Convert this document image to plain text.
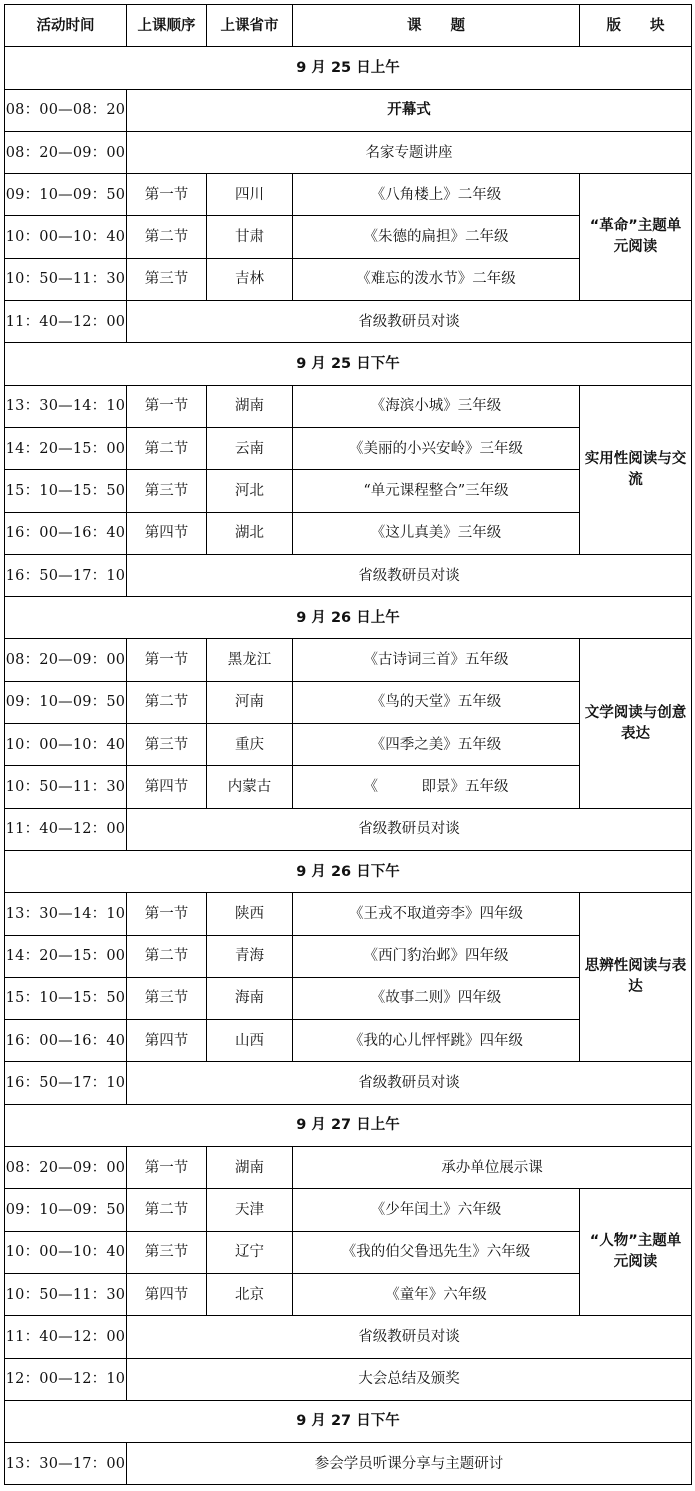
活动时间	上课顺序	上课省市	课　　题	版　　块
9 月 25 日上午				
08：00—08：20	开幕式			
08：20—09：00	名家专题讲座			
09：10—09：50	第一节	四川	《八角楼上》二年级	“革命”主题单元阅读
10：00—10：40	第二节	甘肃	《朱德的扁担》二年级	
10：50—11：30	第三节	吉林	《难忘的泼水节》二年级	
11：40—12：00	省级教研员对谈			
9 月 25 日下午				
13：30—14：10	第一节	湖南	《海滨小城》三年级	实用性阅读与交流
14：20—15：00	第二节	云南	《美丽的小兴安岭》三年级	
15：10—15：50	第三节	河北	“单元课程整合”三年级	
16：00—16：40	第四节	湖北	《这儿真美》三年级	
16：50—17：10	省级教研员对谈			
9 月 26 日上午				
08：20—09：00	第一节	黑龙江	《古诗词三首》五年级	文学阅读与创意表达
09：10—09：50	第二节	河南	《鸟的天堂》五年级	
10：00—10：40	第三节	重庆	《四季之美》五年级	
10：50—11：30	第四节	内蒙古	《　　　即景》五年级	
11：40—12：00	省级教研员对谈			
9 月 26 日下午				
13：30—14：10	第一节	陕西	《王戎不取道旁李》四年级	思辨性阅读与表达
14：20—15：00	第二节	青海	《西门豹治邺》四年级	
15：10—15：50	第三节	海南	《故事二则》四年级	
16：00—16：40	第四节	山西	《我的心儿怦怦跳》四年级	
16：50—17：10	省级教研员对谈			
9 月 27 日上午				
08：20—09：00	第一节	湖南	承办单位展示课	
09：10—09：50	第二节	天津	《少年闰土》六年级	“人物”主题单元阅读
10：00—10：40	第三节	辽宁	《我的伯父鲁迅先生》六年级	
10：50—11：30	第四节	北京	《童年》六年级	
11：40—12：00	省级教研员对谈			
12：00—12：10	大会总结及颁奖			
9 月 27 日下午				
13：30—17：00	参会学员听课分享与主题研讨			
